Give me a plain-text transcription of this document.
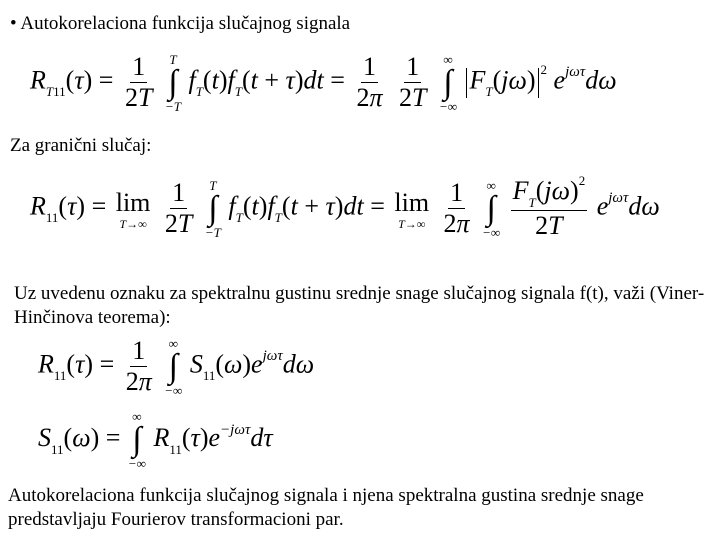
• Autokorelaciona funkcija slučajnog signala
$R_{T11}(\tau) = \frac{1}{2T}$
T
∫
−T
$f_T(t)f_T(t + \tau)dt = \frac{1}{2\pi}$
$\frac{1}{2T}$
∞
∫
−∞
$F_T(j\omega)$ $^2$ $e^{j\omega\tau}d\omega$
Za granični slučaj:
$R_{11}(\tau) = \lim$
T→∞
$\frac{1}{2T}$
T
∫
−T
$f_T(t)f_T(t + \tau)dt = \lim$
T→∞
$\frac{1}{2\pi}$
∞
∫
−∞
$\frac{F_T(j\omega)^2}{2T} e^{j\omega\tau}d\omega$
Uz uvedenu oznaku za spektralnu gustinu srednje snage slučajnog signala f(t), važi (Viner-Hinčinova teorema):
$R_{11}(\tau) = \frac{1}{2\pi}$
∞
∫
−∞
$S_{11}(\omega)e^{j\omega\tau}d\omega$
$S_{11}(\omega)$ =
∞
∫
−∞
$R_{11}(\tau)e^{-j\omega\tau}d\tau$
Autokorelaciona funkcija slučajnog signala i njena spektralna gustina srednje snage predstavljaju Fourierov transformacioni par.
